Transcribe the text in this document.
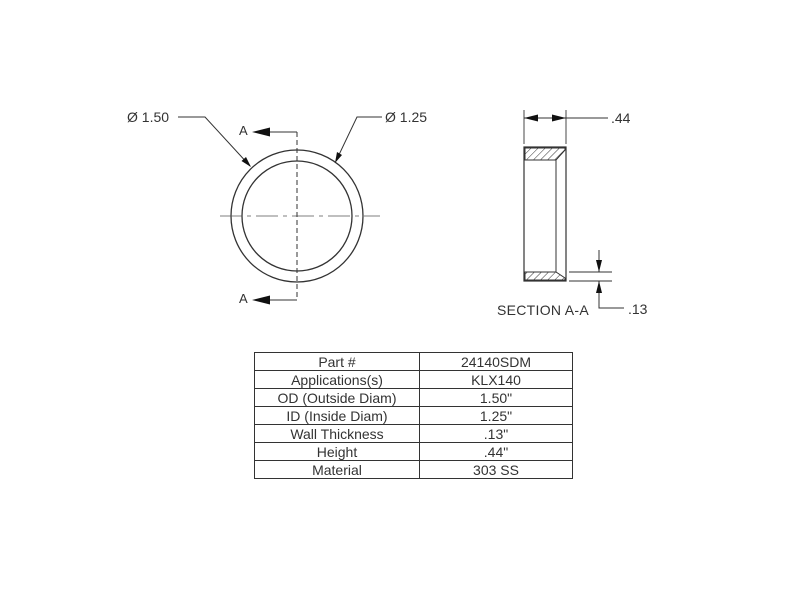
A
A
Ø 1.50	Ø 1.25	.44
.13
SECTION A-A
Part #	24140SDM
Applications(s)	KLX140
OD (Outside Diam)	1.50"
ID (Inside Diam)	1.25"
Wall Thickness	.13"
Height	.44"
Material	303 SS
